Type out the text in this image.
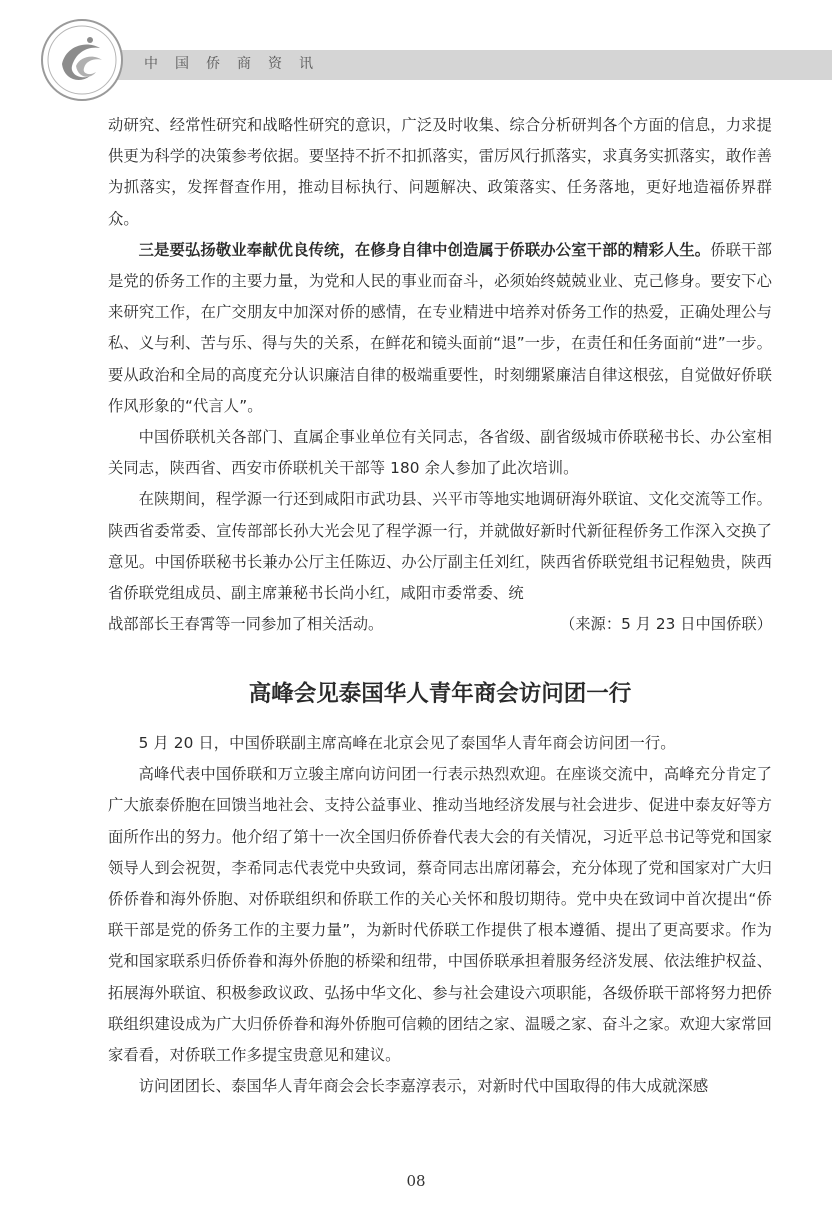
中国侨商资讯

动研究、经常性研究和战略性研究的意识，广泛及时收集、综合分析研判各个方面的信息，力求提供更为科学的决策参考依据。要坚持不折不扣抓落实，雷厉风行抓落实，求真务实抓落实，敢作善为抓落实，发挥督查作用，推动目标执行、问题解决、政策落实、任务落地，更好地造福侨界群众。

三是要弘扬敬业奉献优良传统，在修身自律中创造属于侨联办公室干部的精彩人生。侨联干部是党的侨务工作的主要力量，为党和人民的事业而奋斗，必须始终兢兢业业、克己修身。要安下心来研究工作，在广交朋友中加深对侨的感情，在专业精进中培养对侨务工作的热爱，正确处理公与私、义与利、苦与乐、得与失的关系，在鲜花和镜头面前“退”一步，在责任和任务面前“进”一步。要从政治和全局的高度充分认识廉洁自律的极端重要性，时刻绷紧廉洁自律这根弦，自觉做好侨联作风形象的“代言人”。

中国侨联机关各部门、直属企事业单位有关同志，各省级、副省级城市侨联秘书长、办公室相关同志，陕西省、西安市侨联机关干部等 180 余人参加了此次培训。

在陕期间，程学源一行还到咸阳市武功县、兴平市等地实地调研海外联谊、文化交流等工作。陕西省委常委、宣传部部长孙大光会见了程学源一行，并就做好新时代新征程侨务工作深入交换了意见。中国侨联秘书长兼办公厅主任陈迈、办公厅副主任刘红，陕西省侨联党组书记程勉贵，陕西省侨联党组成员、副主席兼秘书长尚小红，咸阳市委常委、统

战部部长王春霄等一同参加了相关活动。	（来源：5 月 23 日中国侨联）
高峰会见泰国华人青年商会访问团一行

5 月 20 日，中国侨联副主席高峰在北京会见了泰国华人青年商会访问团一行。

高峰代表中国侨联和万立骏主席向访问团一行表示热烈欢迎。在座谈交流中，高峰充分肯定了广大旅泰侨胞在回馈当地社会、支持公益事业、推动当地经济发展与社会进步、促进中泰友好等方面所作出的努力。他介绍了第十一次全国归侨侨眷代表大会的有关情况，习近平总书记等党和国家领导人到会祝贺，李希同志代表党中央致词，蔡奇同志出席闭幕会，充分体现了党和国家对广大归侨侨眷和海外侨胞、对侨联组织和侨联工作的关心关怀和殷切期待。党中央在致词中首次提出“侨联干部是党的侨务工作的主要力量”，为新时代侨联工作提供了根本遵循、提出了更高要求。作为党和国家联系归侨侨眷和海外侨胞的桥梁和纽带，中国侨联承担着服务经济发展、依法维护权益、拓展海外联谊、积极参政议政、弘扬中华文化、参与社会建设六项职能，各级侨联干部将努力把侨联组织建设成为广大归侨侨眷和海外侨胞可信赖的团结之家、温暖之家、奋斗之家。欢迎大家常回家看看，对侨联工作多提宝贵意见和建议。

访问团团长、泰国华人青年商会会长李嘉淳表示，对新时代中国取得的伟大成就深感

08
